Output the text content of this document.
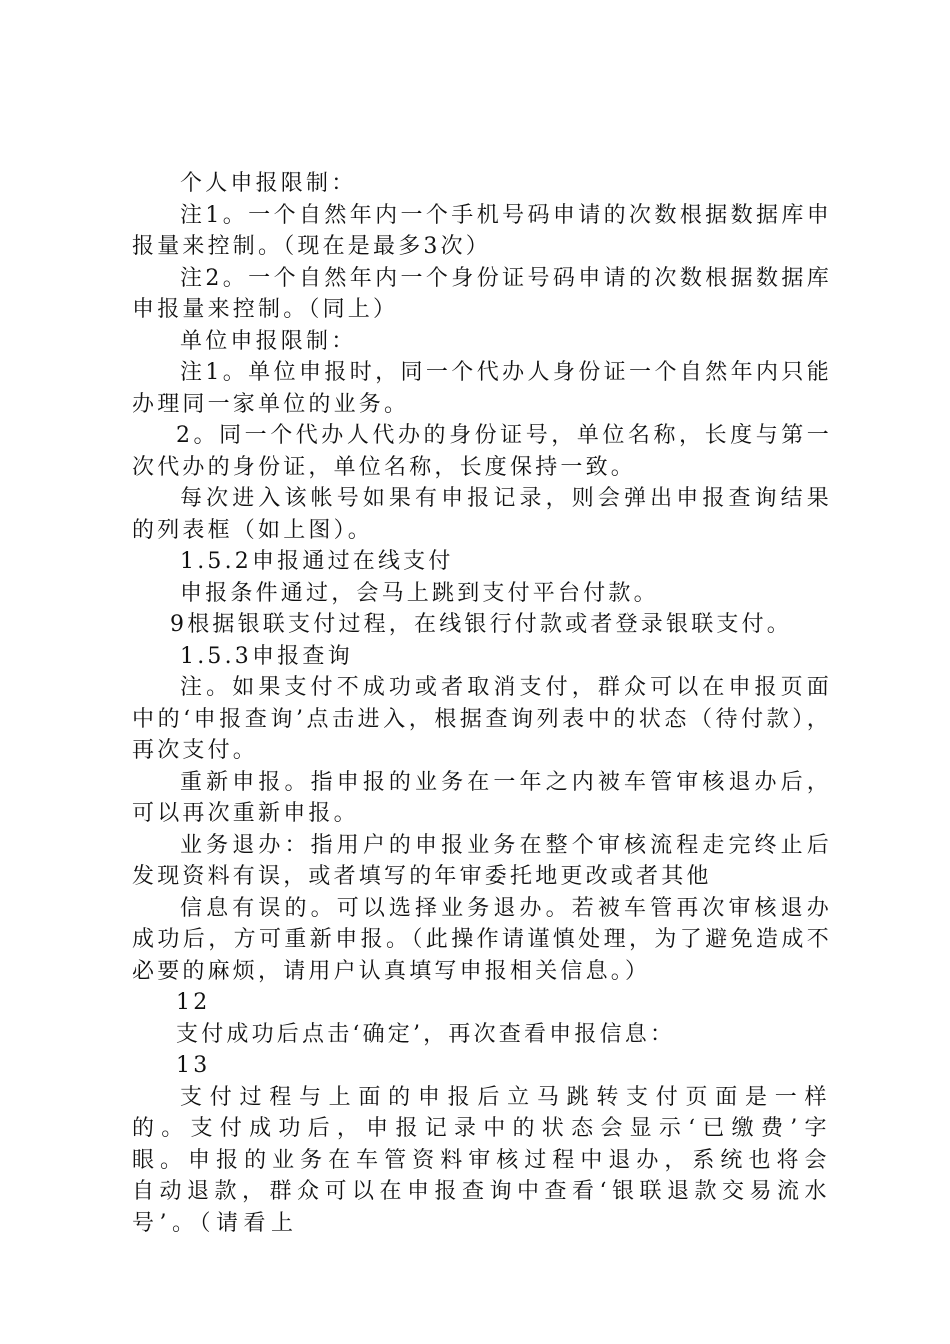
个人申报限制：

注1。一个自然年内一个手机号码申请的次数根据数据库申报量来控制。（现在是最多3次）

注2。一个自然年内一个身份证号码申请的次数根据数据库申报量来控制。（同上）

单位申报限制：

注1。单位申报时，同一个代办人身份证一个自然年内只能办理同一家单位的业务。

2。同一个代办人代办的身份证号，单位名称，长度与第一次代办的身份证，单位名称，长度保持一致。

每次进入该帐号如果有申报记录，则会弹出申报查询结果的列表框（如上图）。

1.5.2申报通过在线支付

申报条件通过，会马上跳到支付平台付款。

9根据银联支付过程，在线银行付款或者登录银联支付。

1.5.3申报查询

注。如果支付不成功或者取消支付，群众可以在申报页面中的‘申报查询’点击进入，根据查询列表中的状态（待付款），再次支付。

重新申报。指申报的业务在一年之内被车管审核退办后，可以再次重新申报。

业务退办：指用户的申报业务在整个审核流程走完终止后发现资料有误，或者填写的年审委托地更改或者其他

信息有误的。可以选择业务退办。若被车管再次审核退办成功后，方可重新申报。（此操作请谨慎处理，为了避免造成不必要的麻烦，请用户认真填写申报相关信息。）

12

支付成功后点击‘确定’，再次查看申报信息：

13

支付过程与上面的申报后立马跳转支付页面是一样的。支付成功后，申报记录中的状态会显示‘已缴费’字眼。申报的业务在车管资料审核过程中退办，系统也将会自动退款，群众可以在申报查询中查看‘银联退款交易流水号’。（请看上
